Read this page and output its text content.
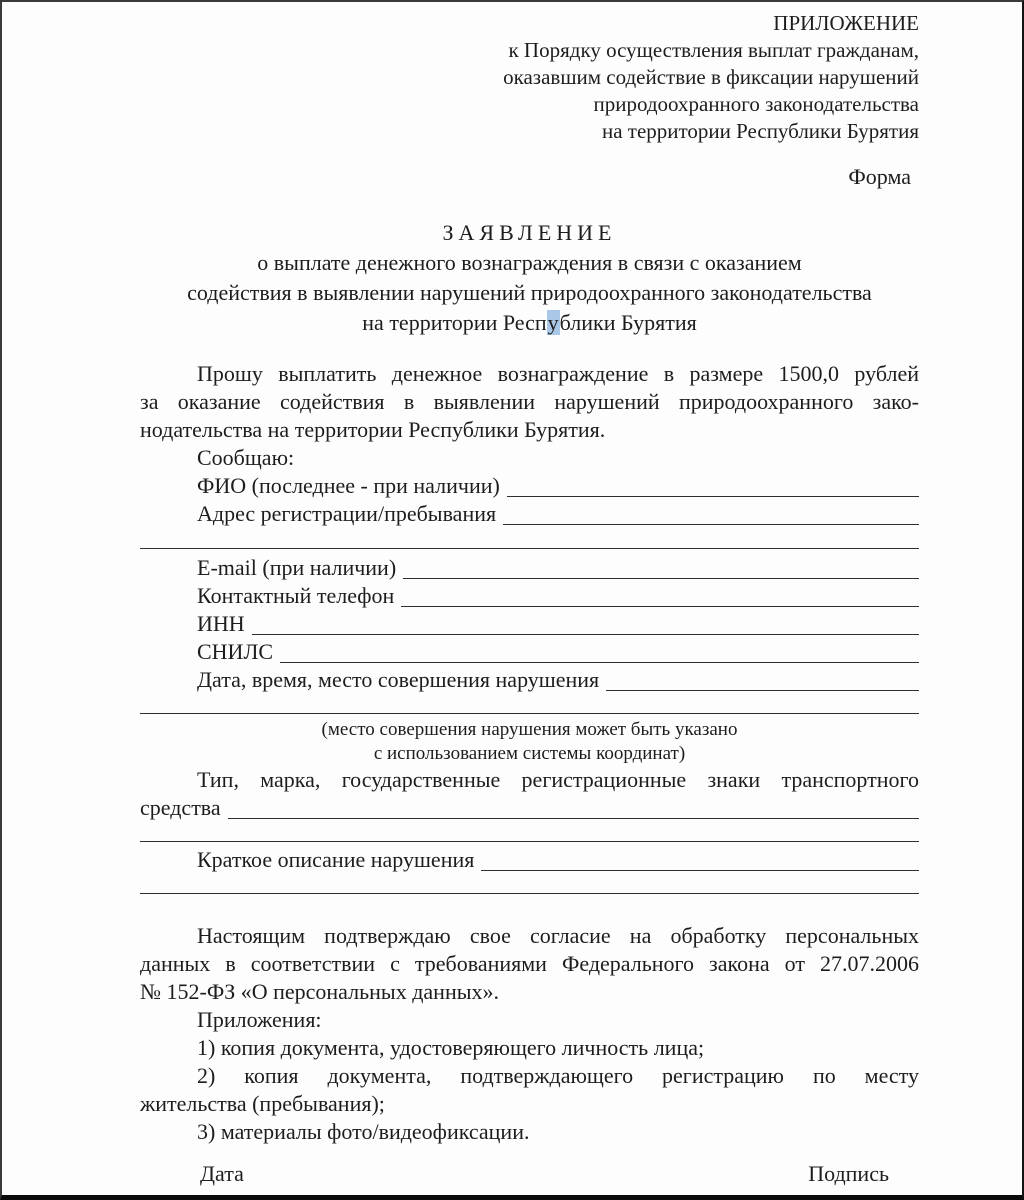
ПРИЛОЖЕНИЕ
к Порядку осуществления выплат гражданам,
оказавшим содействие в фиксации нарушений
природоохранного законодательства
на территории Республики Бурятия
Форма
ЗАЯВЛЕНИЕ
о выплате денежного вознаграждения в связи с оказанием
содействия в выявлении нарушений природоохранного законодательства
на территории Республики Бурятия
Прошу выплатить денежное вознаграждение в размере 1500,0 рублей
за оказание содействия в выявлении нарушений природоохранного зако-
нодательства на территории Республики Бурятия.
Сообщаю:
ФИО (последнее - при наличии)
Адрес регистрации/пребывания
E-mail (при наличии)
Контактный телефон
ИНН
СНИЛС
Дата, время, место совершения нарушения
(место совершения нарушения может быть указано
с использованием системы координат)
Тип, марка, государственные регистрационные знаки транспортного
средства
Краткое описание нарушения
Настоящим подтверждаю свое согласие на обработку персональных
данных в соответствии с требованиями Федерального закона от 27.07.2006
№ 152-ФЗ «О персональных данных».
Приложения:
1) копия документа, удостоверяющего личность лица;
2) копия документа, подтверждающего регистрацию по месту
жительства (пребывания);
3) материалы фото/видеофиксации.
Дата	Подпись
